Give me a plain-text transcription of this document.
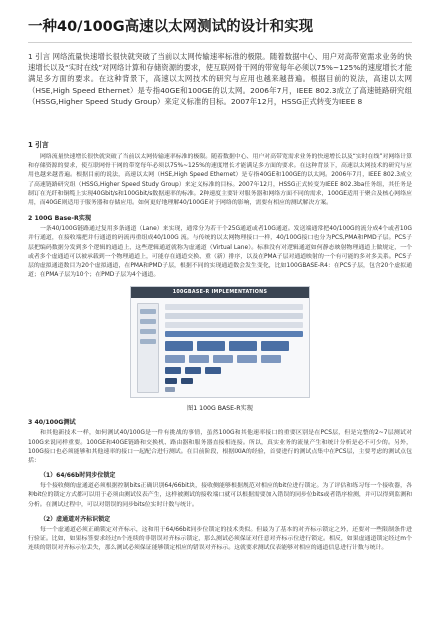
一种40/100G高速以太网测试的设计和实现
1 引言 网络流量快速增长很快就突破了当前以太网传输速率标准的极限。随着数据中心、用户对高带宽需求业务的快速增长以及“实时在线”对网络计算和存储资源的要求，使互联网骨干网的带宽每年必须以75%~125%的速度增长才能满足多方面的要求。在这种背景下，高速以太网技术的研究与应用也越来越普遍。根据目前的说法，高速以太网（HSE,High Speed Ethernet）是专指40GE和100GE的以太网。2006年7月，IEEE 802.3成立了高速链路研究组（HSSG,Higher Speed Study Group）来定义标准的目标。2007年12月，HSSG正式转变为IEEE 8
1 引言
网络流量快速增长很快就突破了当前以太网传输速率标准的极限。随着数据中心、用户对高带宽需求业务的快速增长以及“实时在线”对网络计算和存储资源的要求，使互联网骨干网的带宽每年必须以75%~125%的速度增长才能满足多方面的要求。在这种背景下，高速以太网技术的研究与应用也越来越普遍。根据目前的说法，高速以太网（HSE,High Speed Ethernet）是专指40GE和100GE的以太网。2006年7月，IEEE 802.3成立了高速链路研究组（HSSG,Higher Speed Study Group）来定义标准的目标。2007年12月，HSSG正式转变为IEEE 802.3ba任务组，其任务是制订在光纤和铜缆上实现40Gbit/s和100Gbit/s数据速率的标准。2种速度主要针对服务器和网络方面不同的需求，100GE适用于聚合及核心网络应用，而40GE则适用于服务器和存储应用。如何更好地理解40/100GE对于网络的影响，需要有相应的测试解决方案。
2 100G Base-R实现
一条40/100G链路通过复用多条通道（Lane）来实现，通常分为若干个25G通道或者10G通道。发送端通常把40/100G的流分成4个或者10G 并行通道，在接收端把并行通道的码流再重组成40/100G 流。与传统的以太网物理接口一样，40/100G接口也分为PCS,PMA和PMD子层。PCS子层把编码数据分发到多个逻辑的通道上，这些逻辑通道就称为虚通道（Virtual Lane）。标准没有对逻辑通道如何静态映射物理通道上做规定，一个或者多个虚通道可以被承载到一个物理通道上，可能存在通道交换、重（新）排序，以及在PMA子层对通道映射的一个有可能的多对多关系。PCS子层的虚拟通道数目为20个虚拟通道，在PMA和PMD子层，根据不同的实现通道数会发生变化，比如100GBASE-R4：在PCS子层，包含20个虚拟通道；在PMA子层为10个；在PMD子层为4个通道。
100GBASE-R IMPLEMENTATIONS
图1 100G BASE-R实现
3 40/100G测试
和其他新技术一样，如何测试40/100G是一件有挑战的事情，虽然100G和其他速率接口的重要区别是在PCS层，但是完整的2~7层测试对100G来说同样重要。100GE和40GE链路和交换机、路由器和服务器直接相连接。所以，真实业务的流量产生和统计分析是必不可少的。另外，100G接口也必须能够和其他速率的接口一起配合进行测试。在目前阶段，根据IXIA的经验，首要进行的测试点集中在PCS层，主要考虑的测试点包括：
（1）64/66b时同步位锁定
每个接收侧的虚通道必须根据控制bits正确识别64/66bit块，接收侧能够根据规范对相应的bit位进行锁定。为了评估和练习每一个接收器，各种bit位的锁定方式都可以用于必须由测试仪表产生，这样被测试的接收端口就可以根据需要加入错误的同步位bits或者错序检测，并可以得到监测和分析。在测试过程中，可以对错误的同步bits位实时计数与统计。
（2）虚通道对齐标识锁定
每一个虚通道必须正确锁定对齐标示，这和用于64/66bit同步位锁定的技术类似。但最为了基本的对齐标示锁定之外，还要对一些限制条件进行验证。比如，如果标签要求经过n个连续的非错误对齐标示锁定，那么测试必须保证对任意对齐标示位进行锁定。相反，如果虚通道锁定经过m个连续的错误对齐标示位丢失，那么测试必须保证能够锁定相应的错误对齐标示。这就要求测试仪表能够对相应的通道信息进行计数与统计。
